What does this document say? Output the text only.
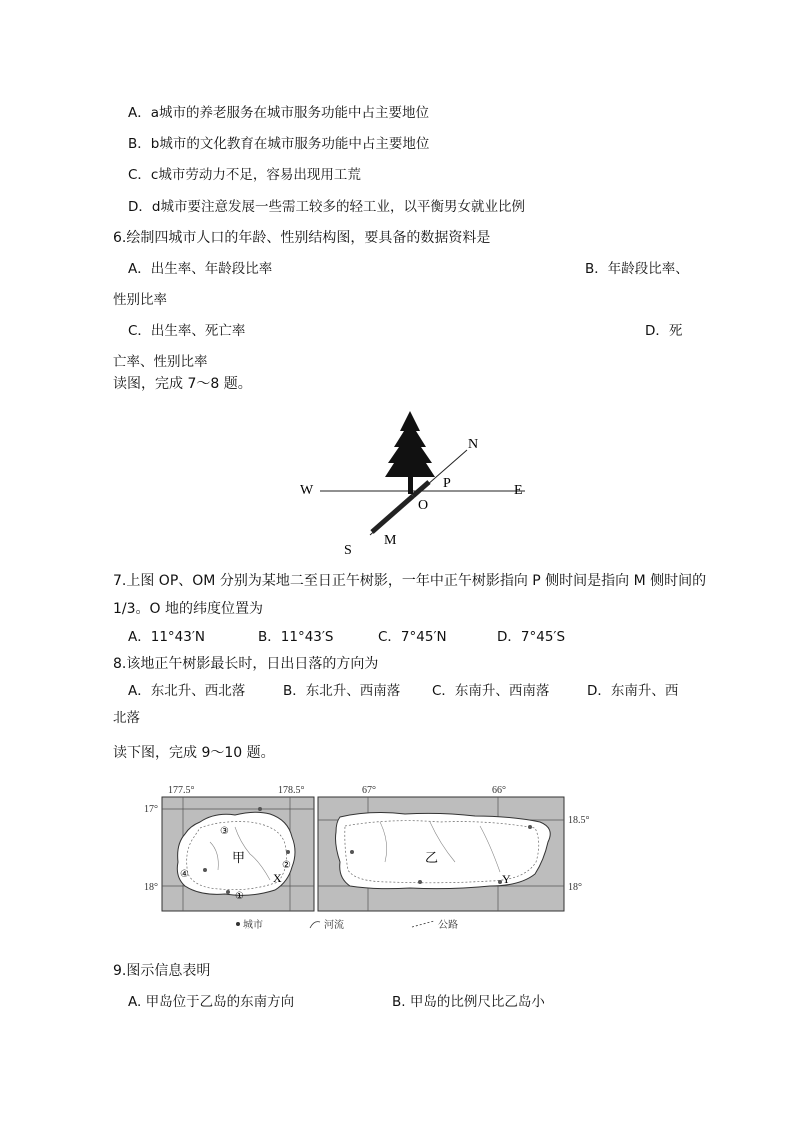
A．a城市的养老服务在城市服务功能中占主要地位
B．b城市的文化教育在城市服务功能中占主要地位
C．c城市劳动力不足，容易出现用工荒
D．d城市要注意发展一些需工较多的轻工业，以平衡男女就业比例
6.绘制四城市人口的年龄、性别结构图，要具备的数据资料是
A．出生率、年龄段比率	B．年龄段比率、
性别比率
C．出生率、死亡率	D．死
亡率、性别比率
读图，完成 7～8 题。
W	E
N
S
P
O
M
7.上图 OP、OM 分别为某地二至日正午树影，一年中正午树影指向 P 侧时间是指向 M 侧时间的
1/3。O 地的纬度位置为
A．11°43′N	B．11°43′S	C．7°45′N	D．7°45′S
8.该地正午树影最长时，日出日落的方向为
A．东北升、西北落	B．东北升、西南落 C．东南升、西南落	D．东南升、西
北落
读下图，完成 9～10 题。
甲
X
①
②
③
④
177.5°	178.5°
17°
18°
乙
Y
67°	66°
18.5°
18°
城市	河流	公路
9.图示信息表明
A. 甲岛位于乙岛的东南方向	B. 甲岛的比例尺比乙岛小
